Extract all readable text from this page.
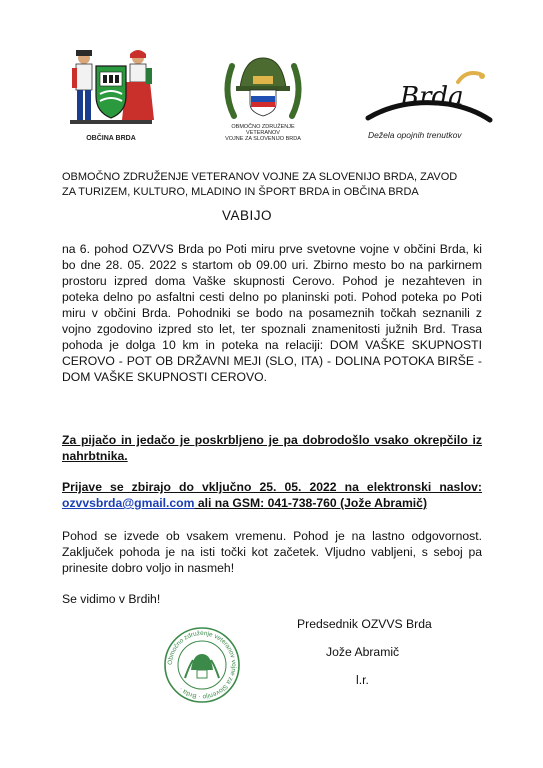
OBČINA BRDA
OBMOČNO ZDRUŽENJE VETERANOV
VOJNE ZA SLOVENIJO BRDA
Brda
Dežela opojnih trenutkov
OBMOČNO ZDRUŽENJE VETERANOV VOJNE ZA SLOVENIJO BRDA, ZAVOD
ZA TURIZEM, KULTURO, MLADINO IN ŠPORT BRDA in OBČINA BRDA
VABIJO
na 6. pohod OZVVS Brda po Poti miru prve svetovne vojne v občini Brda, ki bo dne 28. 05. 2022 s startom ob 09.00 uri. Zbirno mesto bo na parkirnem prostoru izpred doma Vaške skupnosti Cerovo. Pohod je nezahteven in poteka delno po asfaltni cesti delno po planinski poti. Pohod poteka po Poti miru v občini Brda. Pohodniki se bodo na posameznih točkah seznanili z vojno zgodovino izpred sto let, ter spoznali znamenitosti južnih Brd. Trasa pohoda je dolga 10 km in poteka na relaciji: DOM VAŠKE SKUPNOSTI CEROVO - POT OB DRŽAVNI MEJI (SLO, ITA) - DOLINA POTOKA BIRŠE - DOM VAŠKE SKUPNOSTI CEROVO.
Za pijačo in jedačo je poskrbljeno je pa dobrodošlo vsako okrepčilo iz nahrbtnika.
Prijave se zbirajo do vključno 25. 05. 2022 na elektronski naslov: ozvvsbrda@gmail.com ali na GSM: 041-738-760 (Jože Abramič)
Pohod se izvede ob vsakem vremenu. Pohod je na lastno odgovornost. Zaključek pohoda je na isti točki kot začetek. Vljudno vabljeni, s seboj pa prinesite dobro voljo in nasmeh!
Se vidimo v Brdih!
Območno združenje veteranov vojne za Slovenijo · Brda ·
Predsednik OZVVS Brda
Jože Abramič
l.r.
